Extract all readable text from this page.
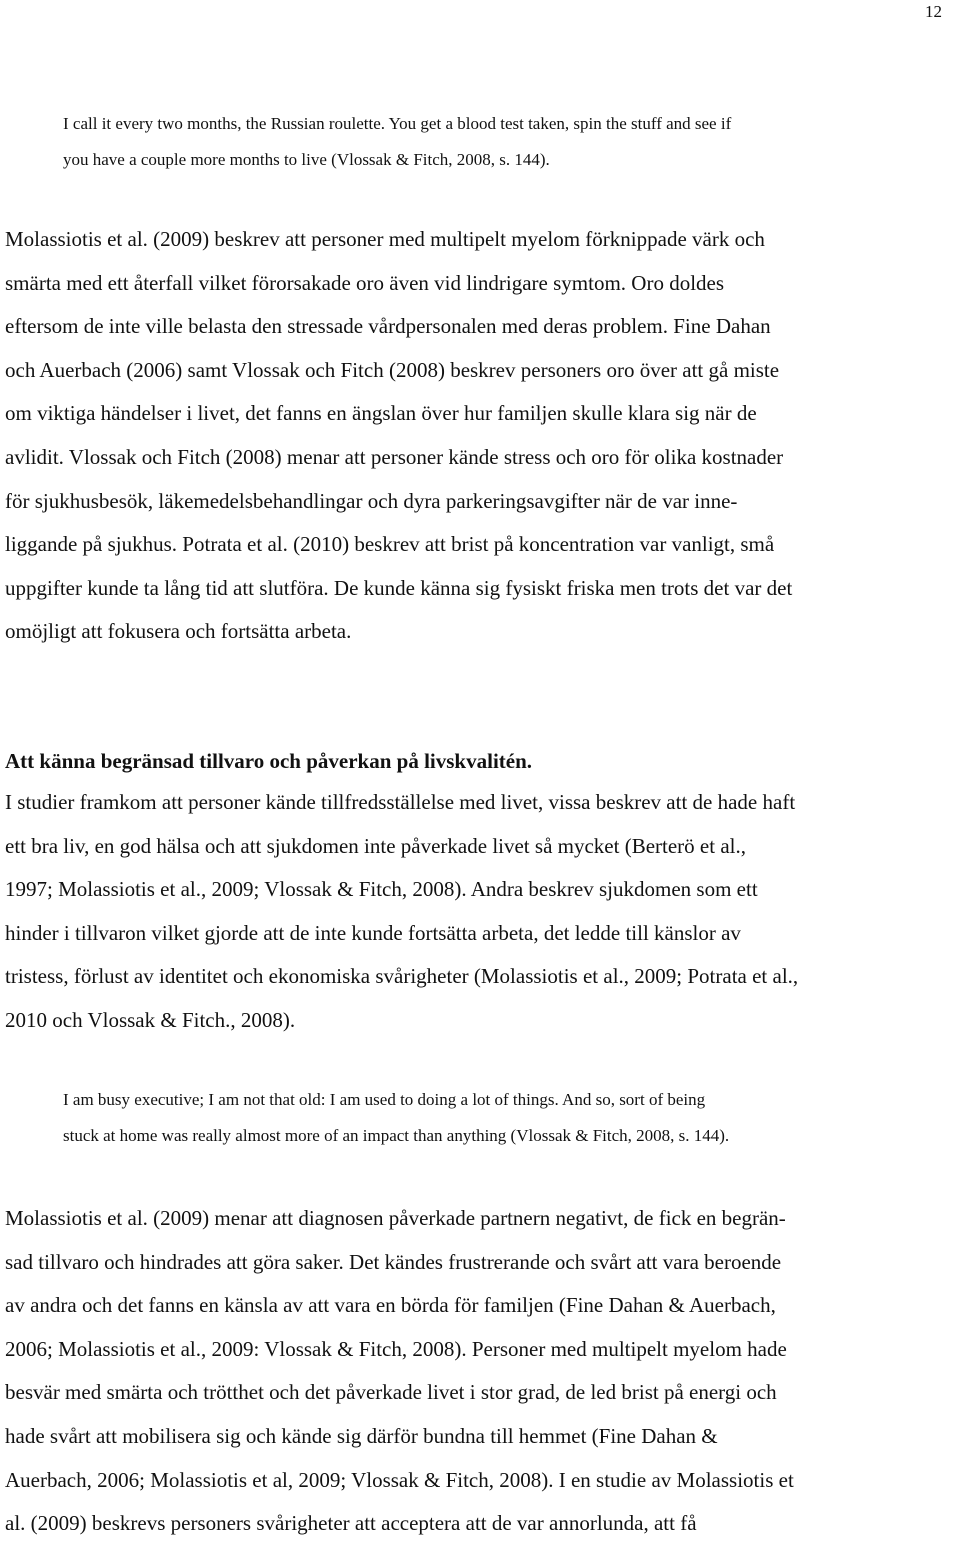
12
I call it every two months, the Russian roulette. You get a blood test taken, spin the stuff and see if
you have a couple more months to live (Vlossak & Fitch, 2008, s. 144).

Molassiotis et al. (2009) beskrev att personer med multipelt myelom förknippade värk och
smärta med ett återfall vilket förorsakade oro även vid lindrigare symtom. Oro doldes
eftersom de inte ville belasta den stressade vårdpersonalen med deras problem. Fine Dahan
och Auerbach (2006) samt Vlossak och Fitch (2008) beskrev personers oro över att gå miste
om viktiga händelser i livet, det fanns en ängslan över hur familjen skulle klara sig när de
avlidit. Vlossak och Fitch (2008) menar att personer kände stress och oro för olika kostnader
för sjukhusbesök, läkemedelsbehandlingar och dyra parkeringsavgifter när de var inne-
liggande på sjukhus. Potrata et al. (2010) beskrev att brist på koncentration var vanligt, små
uppgifter kunde ta lång tid att slutföra. De kunde känna sig fysiskt friska men trots det var det
omöjligt att fokusera och fortsätta arbeta.

Att känna begränsad tillvaro och påverkan på livskvalitén.

I studier framkom att personer kände tillfredsställelse med livet, vissa beskrev att de hade haft
ett bra liv, en god hälsa och att sjukdomen inte påverkade livet så mycket (Berterö et al.,
1997; Molassiotis et al., 2009; Vlossak & Fitch, 2008). Andra beskrev sjukdomen som ett
hinder i tillvaron vilket gjorde att de inte kunde fortsätta arbeta, det ledde till känslor av
tristess, förlust av identitet och ekonomiska svårigheter (Molassiotis et al., 2009; Potrata et al.,
2010 och Vlossak & Fitch., 2008).

I am busy executive; I am not that old: I am used to doing a lot of things. And so, sort of being
stuck at home was really almost more of an impact than anything (Vlossak & Fitch, 2008, s. 144).

Molassiotis et al. (2009) menar att diagnosen påverkade partnern negativt, de fick en begrän-
sad tillvaro och hindrades att göra saker. Det kändes frustrerande och svårt att vara beroende
av andra och det fanns en känsla av att vara en börda för familjen (Fine Dahan & Auerbach,
2006; Molassiotis et al., 2009: Vlossak & Fitch, 2008). Personer med multipelt myelom hade
besvär med smärta och trötthet och det påverkade livet i stor grad, de led brist på energi och
hade svårt att mobilisera sig och kände sig därför bundna till hemmet (Fine Dahan &
Auerbach, 2006; Molassiotis et al, 2009; Vlossak & Fitch, 2008). I en studie av Molassiotis et
al. (2009) beskrevs personers svårigheter att acceptera att de var annorlunda, att få
